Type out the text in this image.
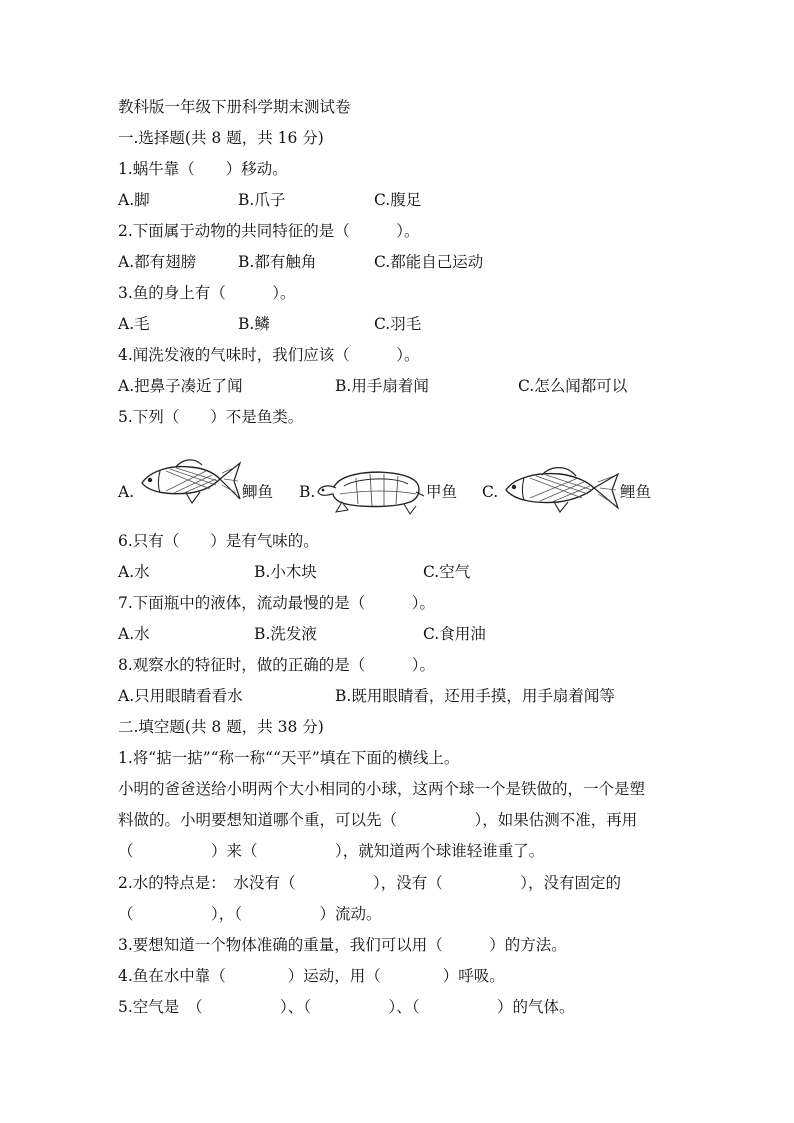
教科版一年级下册科学期末测试卷
一.选择题(共 8 题，共 16 分)
1.蜗牛靠（　　）移动。
A.脚	B.爪子	C.腹足
2.下面属于动物的共同特征的是（　　　）。
A.都有翅膀	B.都有触角	C.都能自己运动
3.鱼的身上有（　　　）。
A.毛	B.鳞	C.羽毛
4.闻洗发液的气味时，我们应该（　　　）。
A.把鼻子凑近了闻	B.用手扇着闻	C.怎么闻都可以
5.下列（　　）不是鱼类。
A.	鲫鱼 B.	甲鱼 C.	鲤鱼
6.只有（　　）是有气味的。
A.水	B.小木块	C.空气
7.下面瓶中的液体，流动最慢的是（　　　）。
A.水	B.洗发液	C.食用油
8.观察水的特征时，做的正确的是（　　　）。
A.只用眼睛看看水	B.既用眼睛看，还用手摸，用手扇着闻等
二.填空题(共 8 题，共 38 分)
1.将“掂一掂”“称一称““天平”填在下面的横线上。
小明的爸爸送给小明两个大小相同的小球，这两个球一个是铁做的，一个是塑
料做的。小明要想知道哪个重，可以先（　　　　　），如果估测不准，再用
（　　　　　）来（　　　　　），就知道两个球谁轻谁重了。
2.水的特点是：　水没有（　　　　　），没有（　　　　　），没有固定的
（　　　　　），（　　　　　）流动。
3.要想知道一个物体准确的重量，我们可以用（　　　）的方法。
4.鱼在水中靠（　　　　）运动，用（　　　　）呼吸。
5.空气是　（　　　　　）、（　　　　　）、（　　　　　）的气体。
